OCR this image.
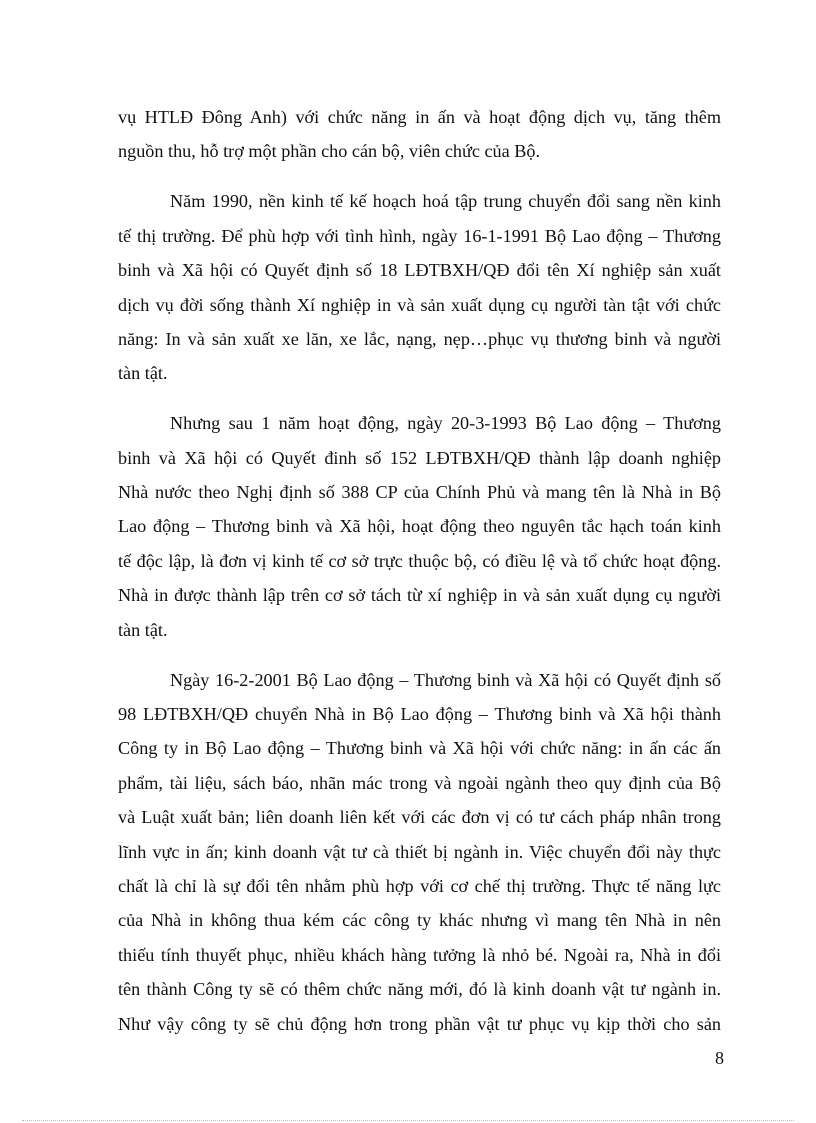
vụ HTLĐ Đông Anh) với chức năng in ấn và hoạt động dịch vụ, tăng thêm
nguồn thu, hỗ trợ một phần cho cán bộ, viên chức của Bộ.
Năm 1990, nền kinh tế kế hoạch hoá tập trung chuyển đổi sang nền kinh
tế thị trường. Để phù hợp với tình hình, ngày 16-1-1991 Bộ Lao động – Thương
binh và Xã hội có Quyết định số 18 LĐTBXH/QĐ đổi tên Xí nghiệp sản xuất
dịch vụ đời sống thành Xí nghiệp in và sản xuất dụng cụ người tàn tật với chức
năng: In và sản xuất xe lăn, xe lắc, nạng, nẹp…phục vụ thương binh và người
tàn tật.
Nhưng sau 1 năm hoạt động, ngày 20-3-1993 Bộ Lao động – Thương
binh và Xã hội có Quyết đinh số 152 LĐTBXH/QĐ thành lập doanh nghiệp
Nhà nước theo Nghị định số 388 CP của Chính Phủ và mang tên là Nhà in Bộ
Lao động – Thương binh và Xã hội, hoạt động theo nguyên tắc hạch toán kinh
tế độc lập, là đơn vị kinh tế cơ sở trực thuộc bộ, có điều lệ và tổ chức hoạt động.
Nhà in được thành lập trên cơ sở tách từ xí nghiệp in và sản xuất dụng cụ người
tàn tật.
Ngày 16-2-2001 Bộ Lao động – Thương binh và Xã hội có Quyết định số
98 LĐTBXH/QĐ chuyển Nhà in Bộ Lao động – Thương binh và Xã hội thành
Công ty in Bộ Lao động – Thương binh và Xã hội với chức năng: in ấn các ấn
phẩm, tài liệu, sách báo, nhãn mác trong và ngoài ngành theo quy định của Bộ
và Luật xuất bản; liên doanh liên kết với các đơn vị có tư cách pháp nhân trong
lĩnh vực in ấn; kinh doanh vật tư cà thiết bị ngành in. Việc chuyển đổi này thực
chất là chỉ là sự đổi tên nhằm phù hợp với cơ chế thị trường. Thực tế năng lực
của Nhà in không thua kém các công ty khác nhưng vì mang tên Nhà in nên
thiếu tính thuyết phục, nhiều khách hàng tưởng là nhỏ bé. Ngoài ra, Nhà in đổi
tên thành Công ty sẽ có thêm chức năng mới, đó là kinh doanh vật tư ngành in.
Như vậy công ty sẽ chủ động hơn trong phần vật tư phục vụ kịp thời cho sản
8
